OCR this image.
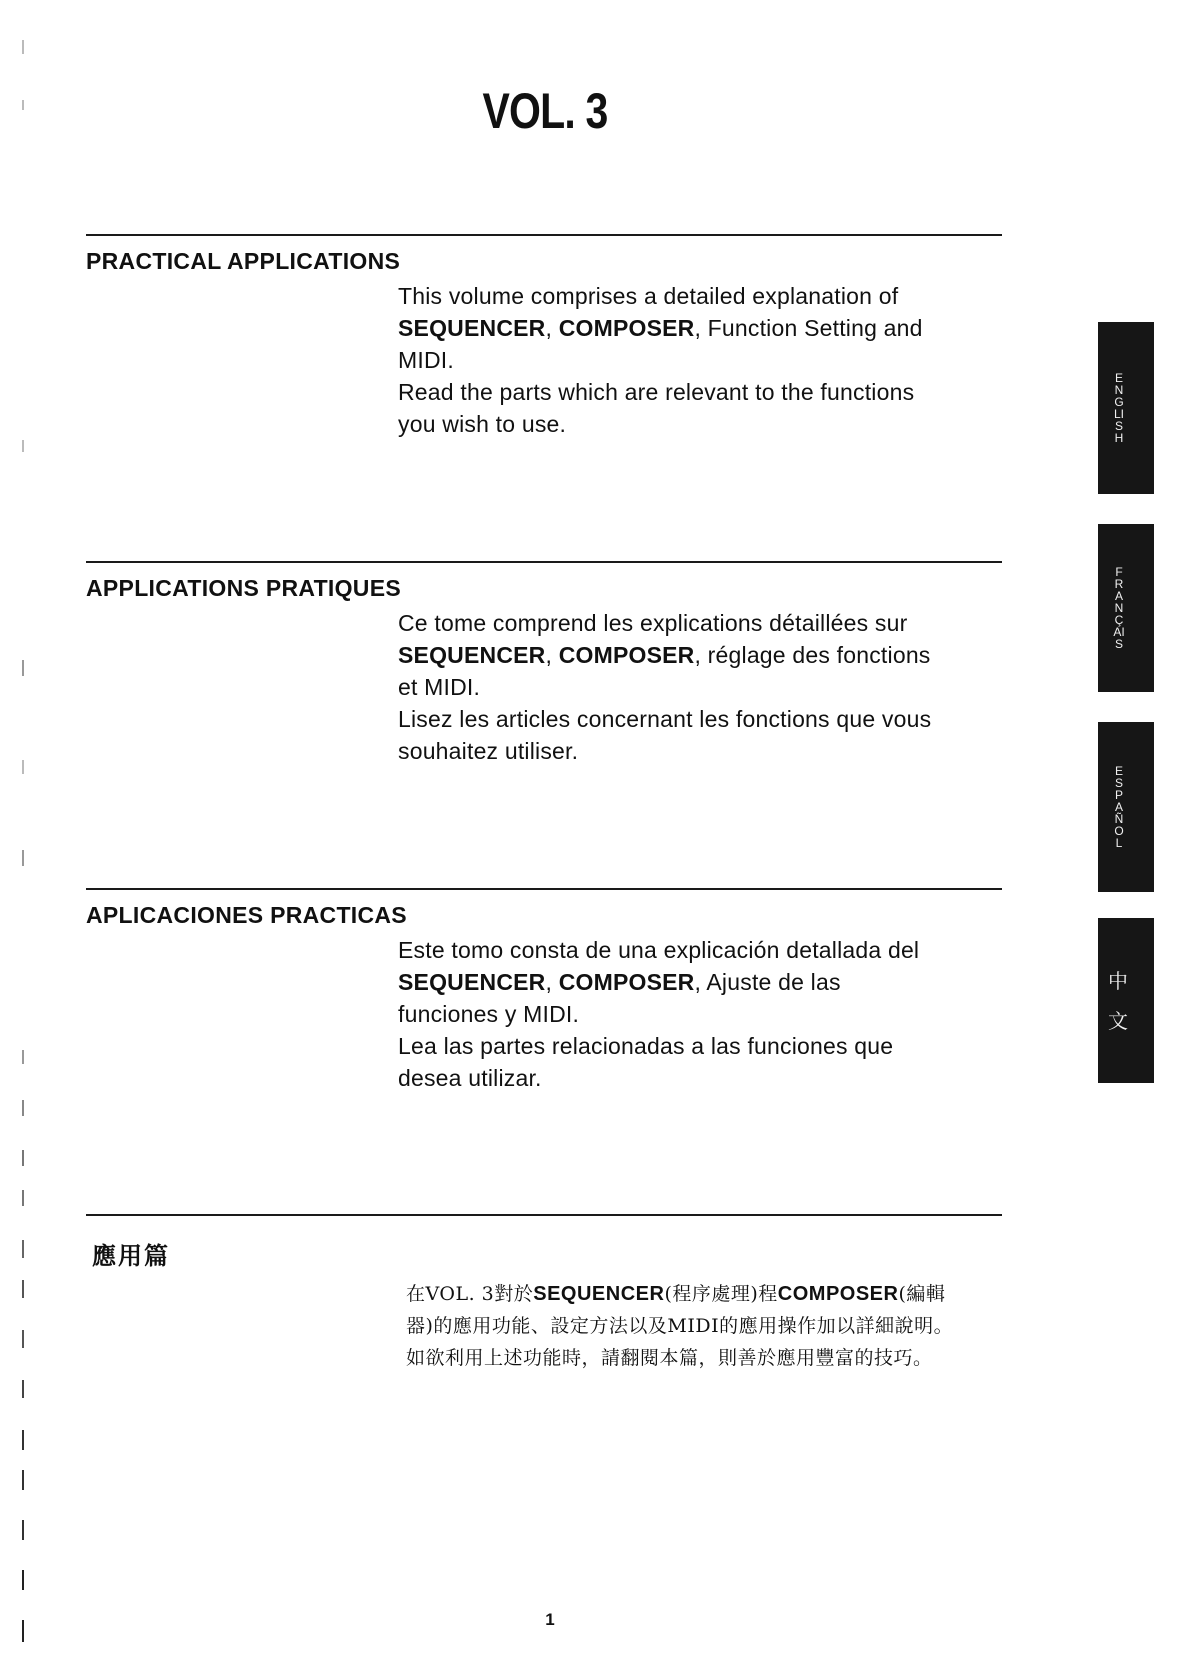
VOL. 3
PRACTICAL APPLICATIONS

This volume comprises a detailed explanation of

SEQUENCER, COMPOSER, Function Setting and

MIDI.

Read the parts which are relevant to the functions

you wish to use.

APPLICATIONS PRATIQUES

Ce tome comprend les explications détaillées sur

SEQUENCER, COMPOSER, réglage des fonctions

et MIDI.

Lisez les articles concernant les fonctions que vous

souhaitez utiliser.

APLICACIONES PRACTICAS

Este tomo consta de una explicación detallada del

SEQUENCER, COMPOSER, Ajuste de las

funciones y MIDI.

Lea las partes relacionadas a las funciones que

desea utilizar.

應用篇

在VOL. 3對於SEQUENCER(程序處理)程COMPOSER(編輯

器)的應用功能、設定方法以及MIDI的應用操作加以詳細說明。

如欲利用上述功能時，請翻閱本篇，則善於應用豐富的技巧。

ENGLISH
FRANÇAIS
ESPAÑOL
中文
1
